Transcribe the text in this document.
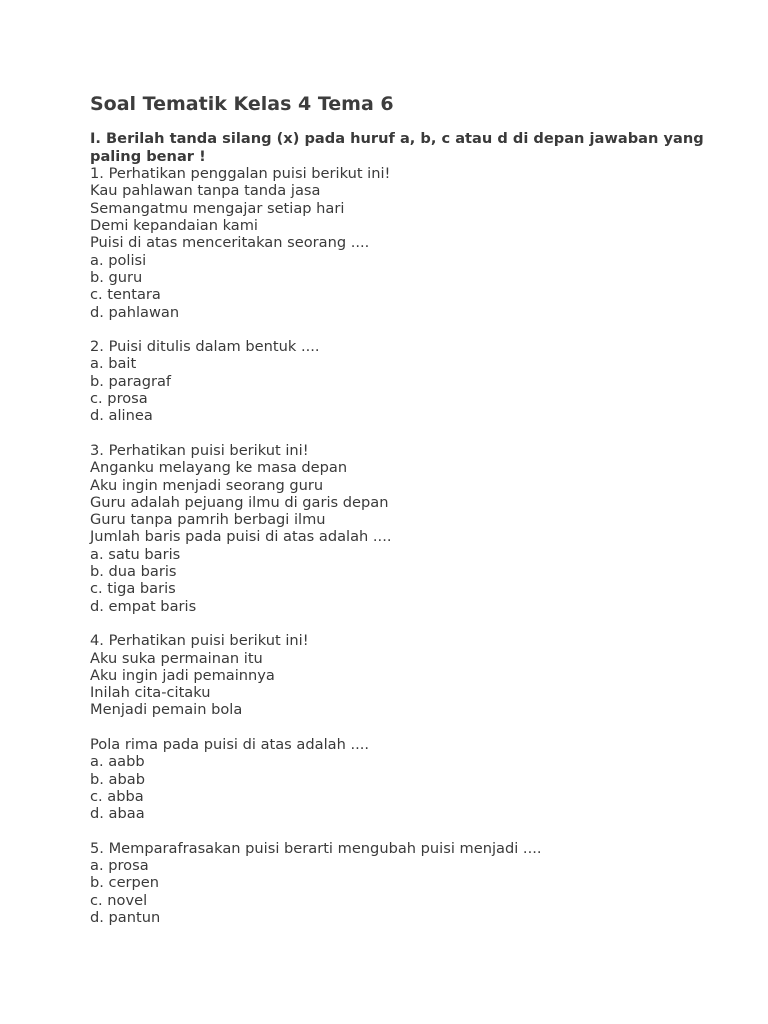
Soal Tematik Kelas 4 Tema 6

I. Berilah tanda silang (x) pada huruf a, b, c atau d di depan jawaban yang paling benar !

1. Perhatikan penggalan puisi berikut ini!
Kau pahlawan tanpa tanda jasa
Semangatmu mengajar setiap hari
Demi kepandaian kami
Puisi di atas menceritakan seorang ....
a. polisi
b. guru
c. tentara
d. pahlawan
2. Puisi ditulis dalam bentuk ....
a. bait
b. paragraf
c. prosa
d. alinea
3. Perhatikan puisi berikut ini!
Anganku melayang ke masa depan
Aku ingin menjadi seorang guru
Guru adalah pejuang ilmu di garis depan
Guru tanpa pamrih berbagi ilmu
Jumlah baris pada puisi di atas adalah ....
a. satu baris
b. dua baris
c. tiga baris
d. empat baris
4. Perhatikan puisi berikut ini!
Aku suka permainan itu
Aku ingin jadi pemainnya
Inilah cita-citaku
Menjadi pemain bola
Pola rima pada puisi di atas adalah ....
a. aabb
b. abab
c. abba
d. abaa
5. Memparafrasakan puisi berarti mengubah puisi menjadi ....
a. prosa
b. cerpen
c. novel
d. pantun
